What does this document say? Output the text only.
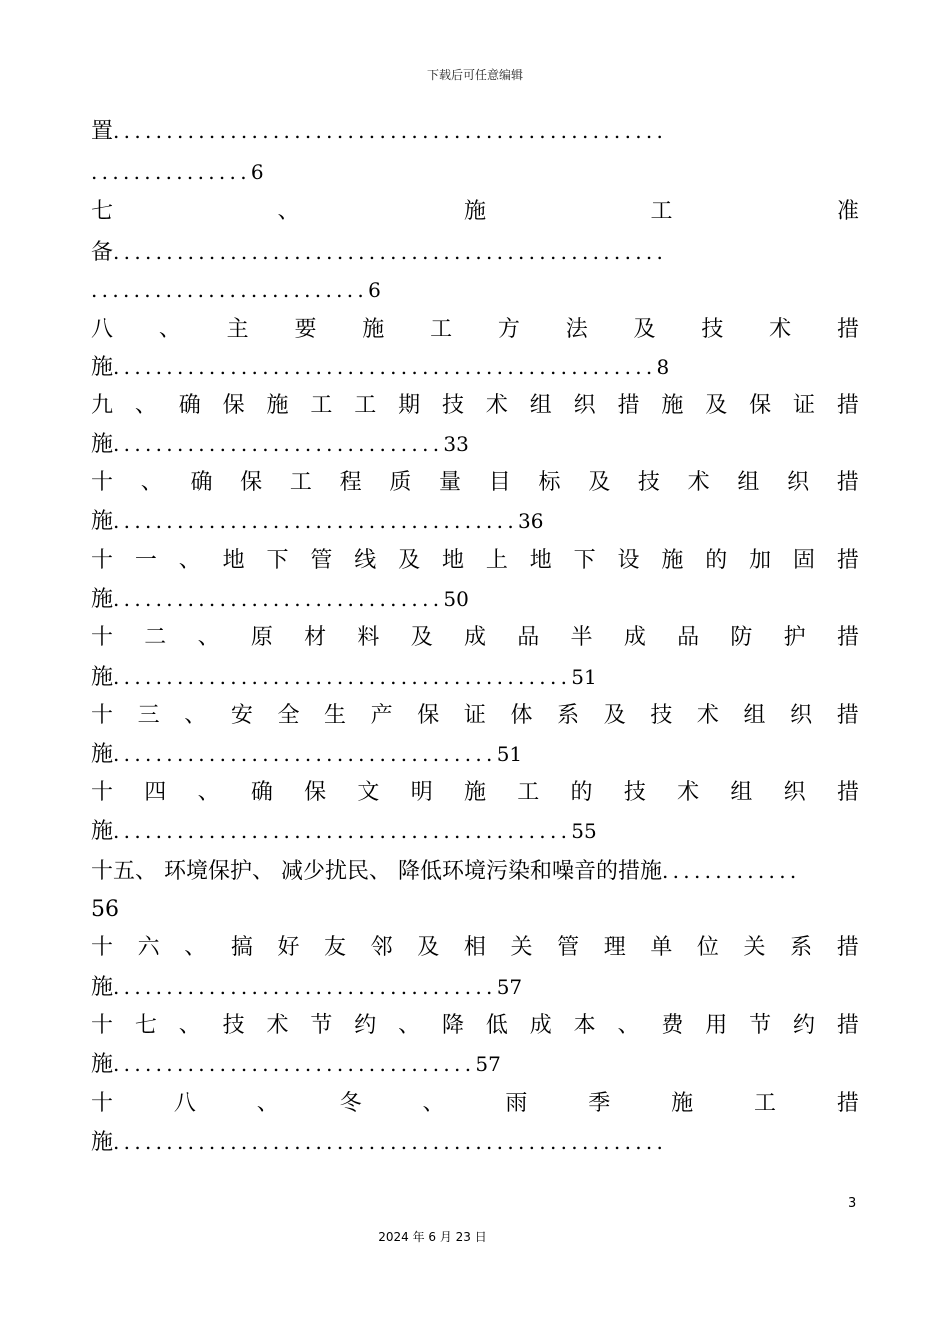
下载后可任意编辑
置 ....................................................
............... 6
七	、	施	工	准
备 ....................................................
.......................... 6
八 、 主 要 施 工 方 法 及 技 术 措
施 ................................................... 8
九 、 确 保 施 工 工 期 技 术 组 织 措 施 及 保 证 措
施 ............................... 33
十 、 确 保 工 程 质 量 目 标 及 技 术 组 织 措
施 ...................................... 36
十 一 、 地 下 管 线 及 地 上 地 下 设 施 的 加 固 措
施 ............................... 50
十 二 、 原 材 料 及 成 品 半 成 品 防 护 措
施 ........................................... 51
十 三 、 安 全 生 产 保 证 体 系 及 技 术 组 织 措
施 .................................... 51
十 四 、 确 保 文 明 施 工 的 技 术 组 织 措
施 ........................................... 55
十五、 环境保护、 减少扰民、 降低环境污染和噪音的措施 .............
56
十 六 、 搞 好 友 邻 及 相 关 管 理 单 位 关 系 措
施 .................................... 57
十 七 、 技 术 节 约 、 降 低 成 本 、 费 用 节 约 措
施 .................................. 57
十	八	、	冬	、	雨	季	施	工	措
施 ....................................................
3
2024 年 6 月 23 日
